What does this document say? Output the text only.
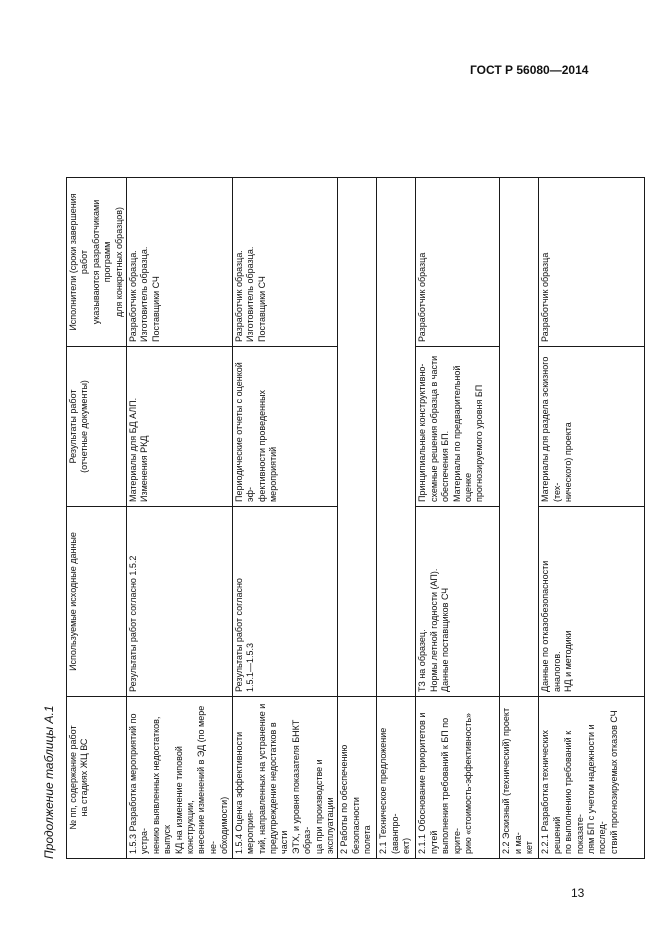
ГОСТ Р 56080—2014
Продолжение таблицы А.1 № пп, содержание работ
на стадиях ЖЦ ВС	Используемые исходные данные	Результаты работ
(отчетные документы)	Исполнители (сроки завершения работ
указываются разработчиками программ
для конкретных образцов)
1.5.3 Разработка мероприятий по устра-
нению выявленных недостатков, выпуск
КД на изменение типовой конструкции,
внесение изменений в ЭД (по мере не-
обходимости)	Результаты работ согласно 1.5.2	Материалы для БД АЛП.
Изменения РКД	Разработчик образца.
Изготовитель образца.
Поставщики СЧ
1.5.4 Оценка эффективности мероприя-
тий, направленных на устранение и
предупреждение недостатков в части
ЭТХ, и уровня показателя БНКТ образ-
ца при производстве и эксплуатации	Результаты работ согласно
1.5.1—1.5.3	Периодические отчеты с оценкой эф-
фективности проведенных мероприятий	Разработчик образца.
Изготовитель образца.
Поставщики СЧ
2 Работы по обеспечению безопасности
полета			
2.1 Техническое предложение (аванпро-
ект)			
2.1.1 Обоснование приоритетов и путей
выполнения требований к БП по крите-
рию «стоимость-эффективность»	ТЗ на образец.
Нормы летной годности (АП).
Данные поставщиков СЧ	Принципиальные конструктивно-
схемные решения образца в части
обеспечения БП.
Материалы по предварительной оценке
прогнозируемого уровня БП	Разработчик образца
2.2 Эскизный (технический) проект и ма-
кет			
2.2.1 Разработка технических решений
по выполнению требований к показате-
лям БП с учетом надежности и послед-
ствий прогнозируемых отказов СЧ	Данные по отказобезопасности
аналогов.
НД и методики	Материалы для раздела эскизного (тех-
нического) проекта	Разработчик образца
13
